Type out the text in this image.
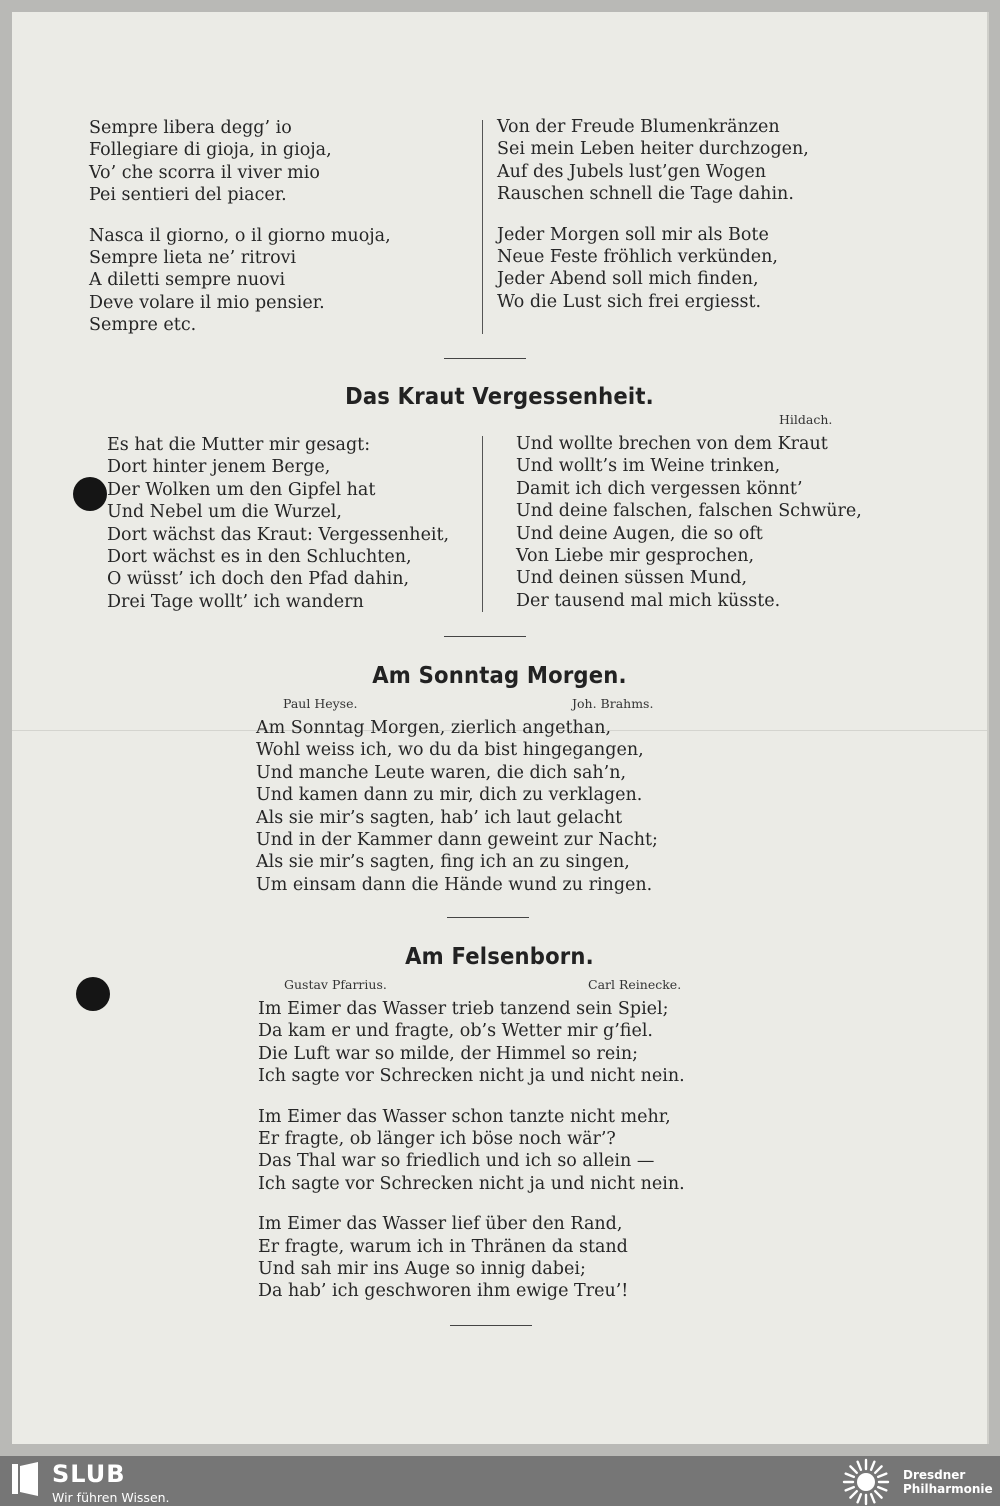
Sempre libera degg’ io
Follegiare di gioja, in gioja,
Vo’ che scorra il viver mio
Pei sentieri del piacer.
Nasca il giorno, o il giorno muoja,
Sempre lieta ne’ ritrovi
A diletti sempre nuovi
Deve volare il mio pensier.
Sempre etc.
Von der Freude Blumenkränzen
Sei mein Leben heiter durchzogen,
Auf des Jubels lust’gen Wogen
Rauschen schnell die Tage dahin.
Jeder Morgen soll mir als Bote
Neue Feste fröhlich verkünden,
Jeder Abend soll mich finden,
Wo die Lust sich frei ergiesst.
Das Kraut Vergessenheit.
Hildach.
Es hat die Mutter mir gesagt:
Dort hinter jenem Berge,
Der Wolken um den Gipfel hat
Und Nebel um die Wurzel,
Dort wächst das Kraut: Vergessenheit,
Dort wächst es in den Schluchten,
O wüsst’ ich doch den Pfad dahin,
Drei Tage wollt’ ich wandern
Und wollte brechen von dem Kraut
Und wollt’s im Weine trinken,
Damit ich dich vergessen könnt’
Und deine falschen, falschen Schwüre,
Und deine Augen, die so oft
Von Liebe mir gesprochen,
Und deinen süssen Mund,
Der tausend mal mich küsste.
Am Sonntag Morgen.
Paul Heyse.	Joh. Brahms.
Am Sonntag Morgen, zierlich angethan,
Wohl weiss ich, wo du da bist hingegangen,
Und manche Leute waren, die dich sah’n,
Und kamen dann zu mir, dich zu verklagen.
Als sie mir’s sagten, hab’ ich laut gelacht
Und in der Kammer dann geweint zur Nacht;
Als sie mir’s sagten, fing ich an zu singen,
Um einsam dann die Hände wund zu ringen.
Am Felsenborn.
Gustav Pfarrius.	Carl Reinecke.
Im Eimer das Wasser trieb tanzend sein Spiel;
Da kam er und fragte, ob’s Wetter mir g’fiel.
Die Luft war so milde, der Himmel so rein;
Ich sagte vor Schrecken nicht ja und nicht nein.
Im Eimer das Wasser schon tanzte nicht mehr,
Er fragte, ob länger ich böse noch wär’?
Das Thal war so friedlich und ich so allein —
Ich sagte vor Schrecken nicht ja und nicht nein.
Im Eimer das Wasser lief über den Rand,
Er fragte, warum ich in Thränen da stand
Und sah mir ins Auge so innig dabei;
Da hab’ ich geschworen ihm ewige Treu’!
SLUB
Wir führen Wissen.
Dresdner
Philharmonie
